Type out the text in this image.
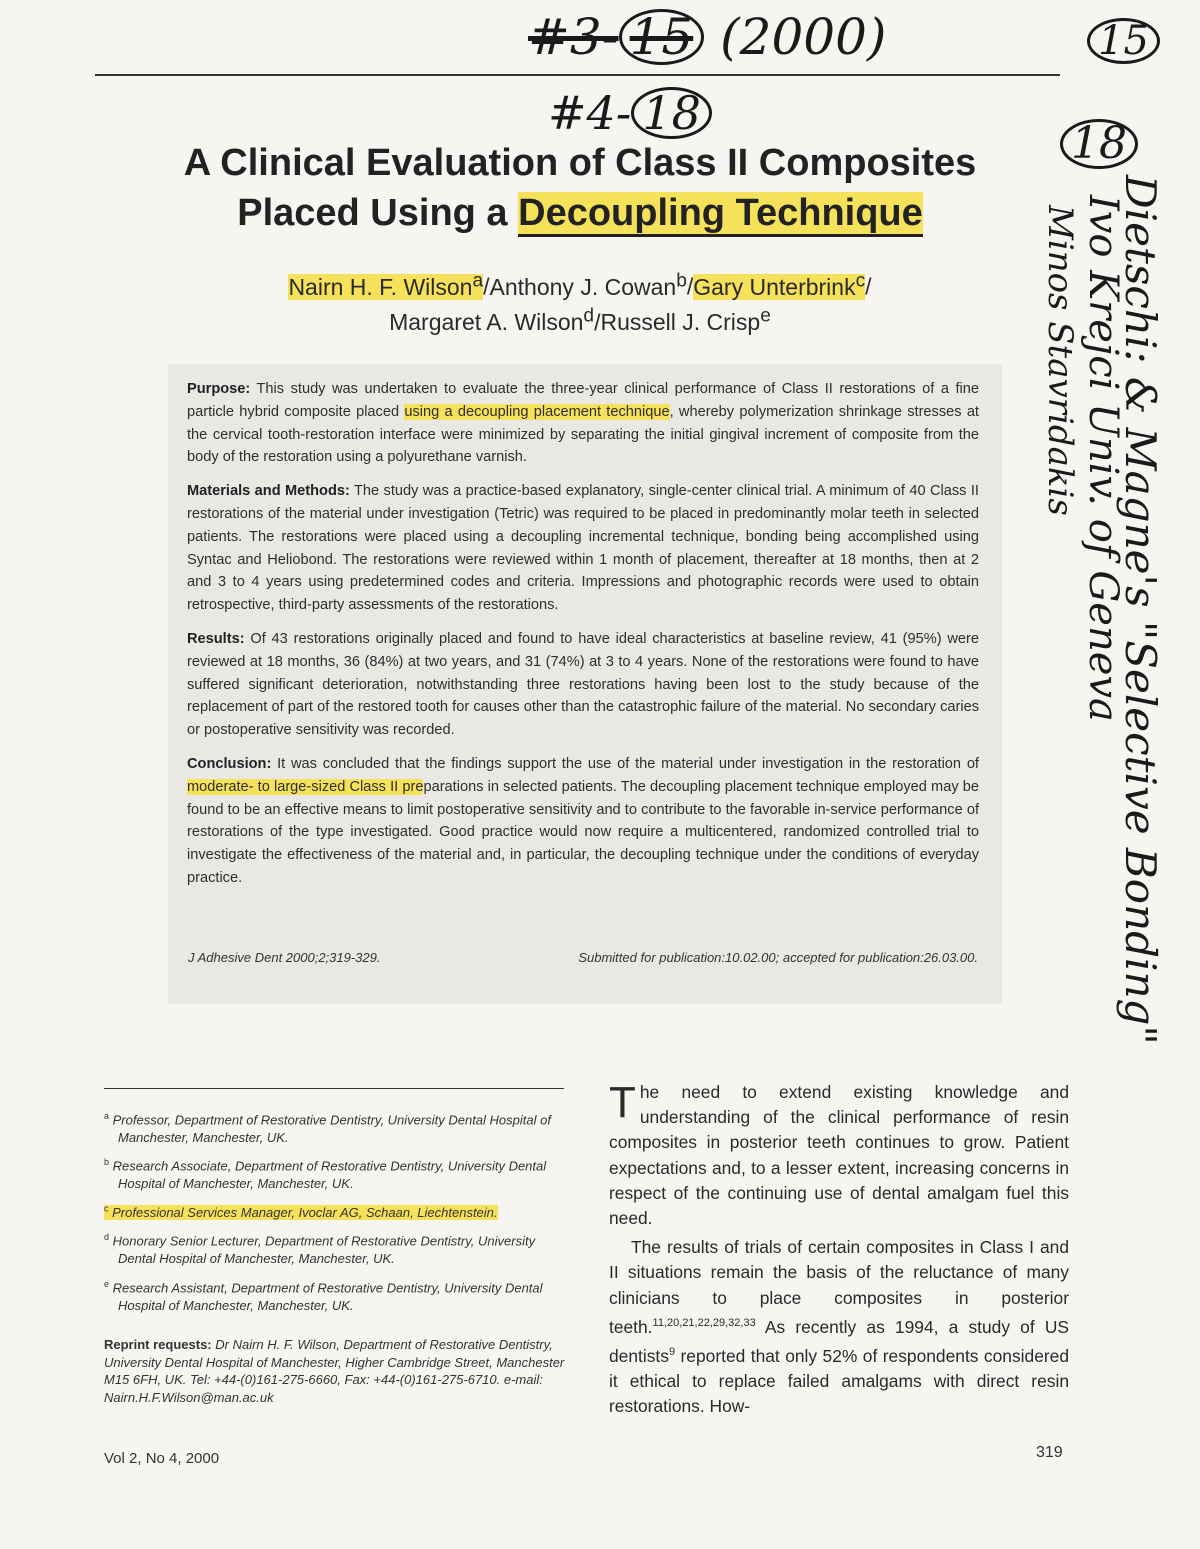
#3- 15 (2000)
#4- 18
15
18
Dietschi: & Magne's "Selective Bonding"
Ivo Krejci Univ. of Geneva
Minos Stavridakis
A Clinical Evaluation of Class II Composites
Placed Using a Decoupling Technique
Nairn H. F. Wilson$^a$/Anthony J. Cowan$^b$/Gary Unterbrink$^c$/
Margaret A. Wilson$^d$/Russell J. Crisp$^e$

Purpose: This study was undertaken to evaluate the three-year clinical performance of Class II restorations of a fine particle hybrid composite placed using a decoupling placement technique, whereby polymerization shrinkage stresses at the cervical tooth-restoration interface were minimized by separating the initial gingival increment of composite from the body of the restoration using a polyurethane varnish.

Materials and Methods: The study was a practice-based explanatory, single-center clinical trial. A minimum of 40 Class II restorations of the material under investigation (Tetric) was required to be placed in predominantly molar teeth in selected patients. The restorations were placed using a decoupling incremental technique, bonding being accomplished using Syntac and Heliobond. The restorations were reviewed within 1 month of placement, thereafter at 18 months, then at 2 and 3 to 4 years using predetermined codes and criteria. Impressions and photographic records were used to obtain retrospective, third-party assessments of the restorations.

Results: Of 43 restorations originally placed and found to have ideal characteristics at baseline review, 41 (95%) were reviewed at 18 months, 36 (84%) at two years, and 31 (74%) at 3 to 4 years. None of the restorations were found to have suffered significant deterioration, notwithstanding three restorations having been lost to the study because of the replacement of part of the restored tooth for causes other than the catastrophic failure of the material. No secondary caries or postoperative sensitivity was recorded.

Conclusion: It was concluded that the findings support the use of the material under investigation in the restoration of moderate- to large-sized Class II preparations in selected patients. The decoupling placement technique employed may be found to be an effective means to limit postoperative sensitivity and to contribute to the favorable in-service performance of restorations of the type investigated. Good practice would now require a multicentered, randomized controlled trial to investigate the effectiveness of the material and, in particular, the decoupling technique under the conditions of everyday practice.

J Adhesive Dent 2000;2;319-329.	Submitted for publication:10.02.00; accepted for publication:26.03.00.
$^a$ Professor, Department of Restorative Dentistry, University Dental Hospital of Manchester, Manchester, UK.
$^b$ Research Associate, Department of Restorative Dentistry, University Dental Hospital of Manchester, Manchester, UK.
$^c$ Professional Services Manager, Ivoclar AG, Schaan, Liechtenstein.
$^d$ Honorary Senior Lecturer, Department of Restorative Dentistry, University Dental Hospital of Manchester, Manchester, UK.
$^e$ Research Assistant, Department of Restorative Dentistry, University Dental Hospital of Manchester, Manchester, UK.
Reprint requests: Dr Nairn H. F. Wilson, Department of Restorative Dentistry, University Dental Hospital of Manchester, Higher Cambridge Street, Manchester M15 6FH, UK. Tel: +44-(0)161-275-6660, Fax: +44-(0)161-275-6710. e-mail: Nairn.H.F.Wilson@man.ac.uk

The need to extend existing knowledge and understanding of the clinical performance of resin composites in posterior teeth continues to grow. Patient expectations and, to a lesser extent, increasing concerns in respect of the continuing use of dental amalgam fuel this need.

The results of trials of certain composites in Class I and II situations remain the basis of the reluctance of many clinicians to place composites in posterior teeth.$^{11,20,21,22,29,32,33}$ As recently as 1994, a study of US dentists$^9$ reported that only 52% of respondents considered it ethical to replace failed amalgams with direct resin restorations. How-

Vol 2, No 4, 2000	319
